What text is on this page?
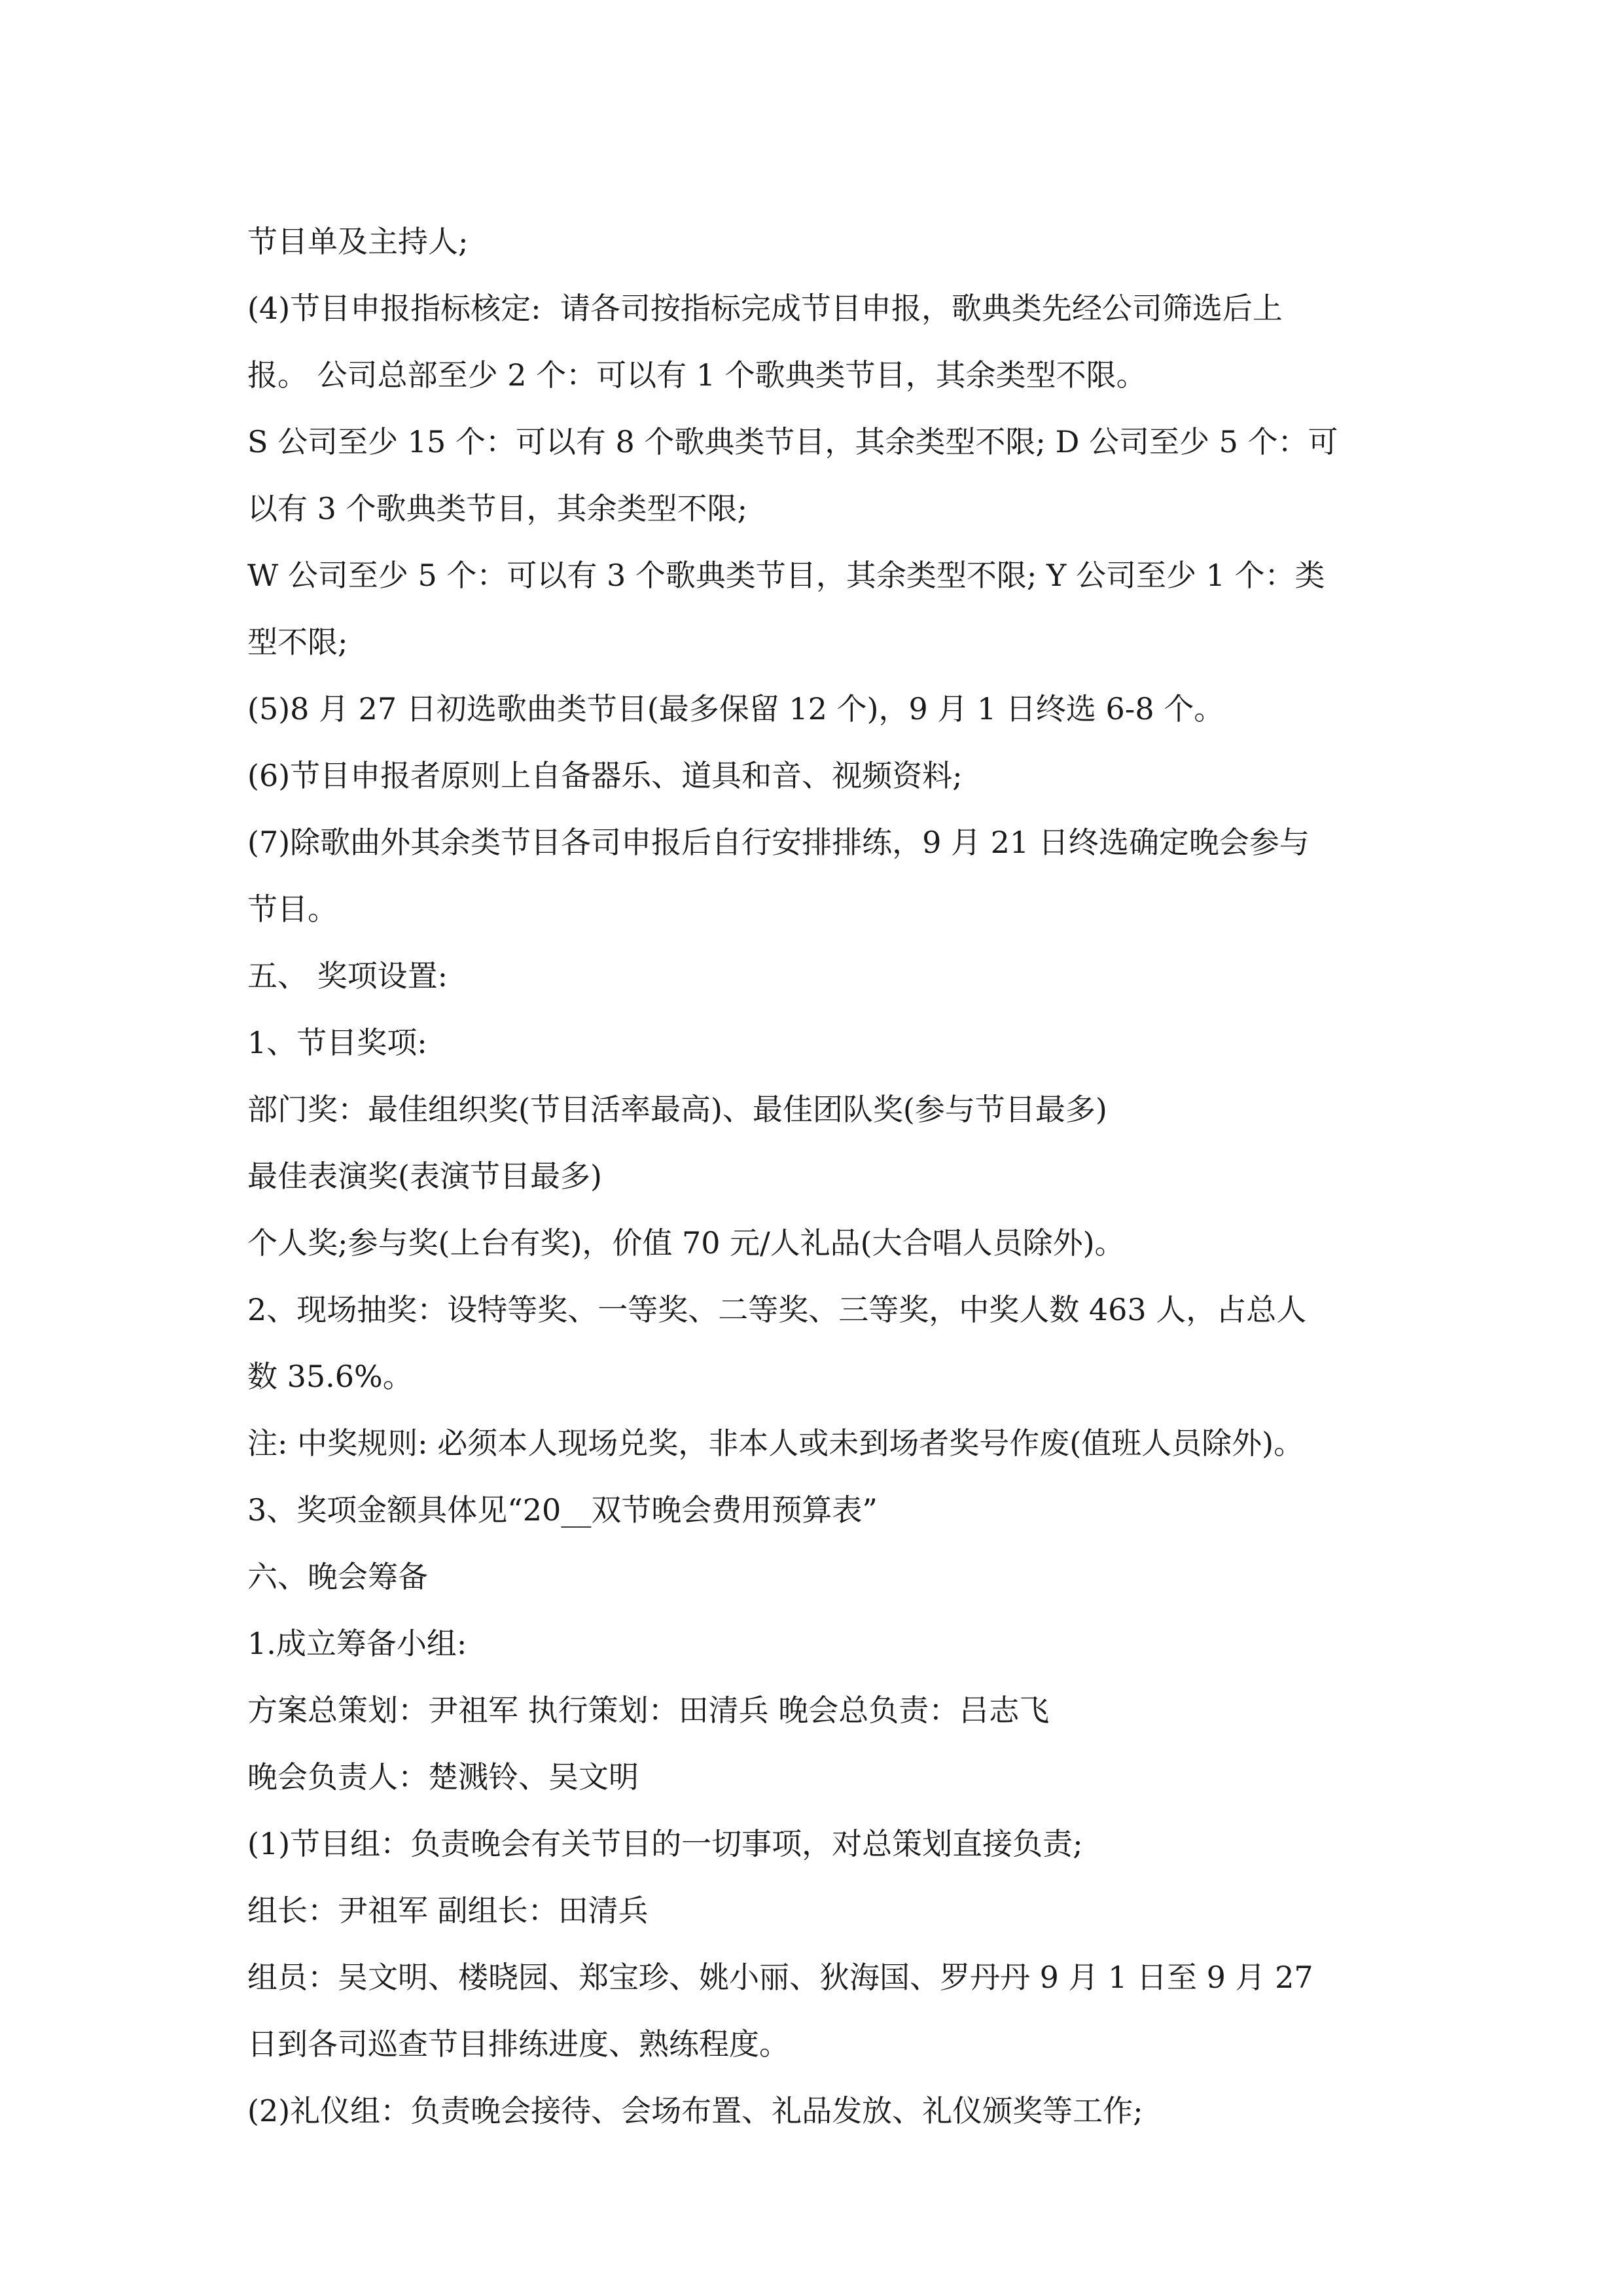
节目单及主持人;
(4)节目申报指标核定:  请各司按指标完成节目申报，歌典类先经公司筛选后上
报。 公司总部至少 2 个：可以有 1 个歌典类节目，其余类型不限。
S 公司至少 15 个：可以有 8 个歌典类节目，其余类型不限; D 公司至少 5 个：可
以有 3 个歌典类节目，其余类型不限;
W 公司至少 5 个：可以有 3 个歌典类节目，其余类型不限; Y 公司至少 1 个：类
型不限;
(5)8 月 27 日初选歌曲类节目(最多保留 12 个)，9 月 1 日终选 6-8 个。
(6)节目申报者原则上自备器乐、道具和音、视频资料;
(7)除歌曲外其余类节目各司申报后自行安排排练，9 月 21 日终选确定晚会参与
节目。
五、 奖项设置:
1、节目奖项:
部门奖：最佳组织奖(节目活率最高)、最佳团队奖(参与节目最多)
最佳表演奖(表演节目最多)
个人奖;参与奖(上台有奖)，价值 70 元/人礼品(大合唱人员除外)。
2、现场抽奖：设特等奖、一等奖、二等奖、三等奖，中奖人数 463 人，占总人
数 35.6%。
注: 中奖规则: 必须本人现场兑奖，非本人或未到场者奖号作废(值班人员除外)。
3、奖项金额具体见“20__双节晚会费用预算表”
六、晚会筹备
1.成立筹备小组:
方案总策划：尹祖军 执行策划：田清兵 晚会总负责：吕志飞
晚会负责人：楚溅铃、吴文明
(1)节目组：负责晚会有关节目的一切事项，对总策划直接负责;
组长：尹祖军 副组长：田清兵
组员：吴文明、楼晓园、郑宝珍、姚小丽、狄海国、罗丹丹 9 月 1 日至 9 月 27
日到各司巡查节目排练进度、熟练程度。
(2)礼仪组：负责晚会接待、会场布置、礼品发放、礼仪颁奖等工作;
